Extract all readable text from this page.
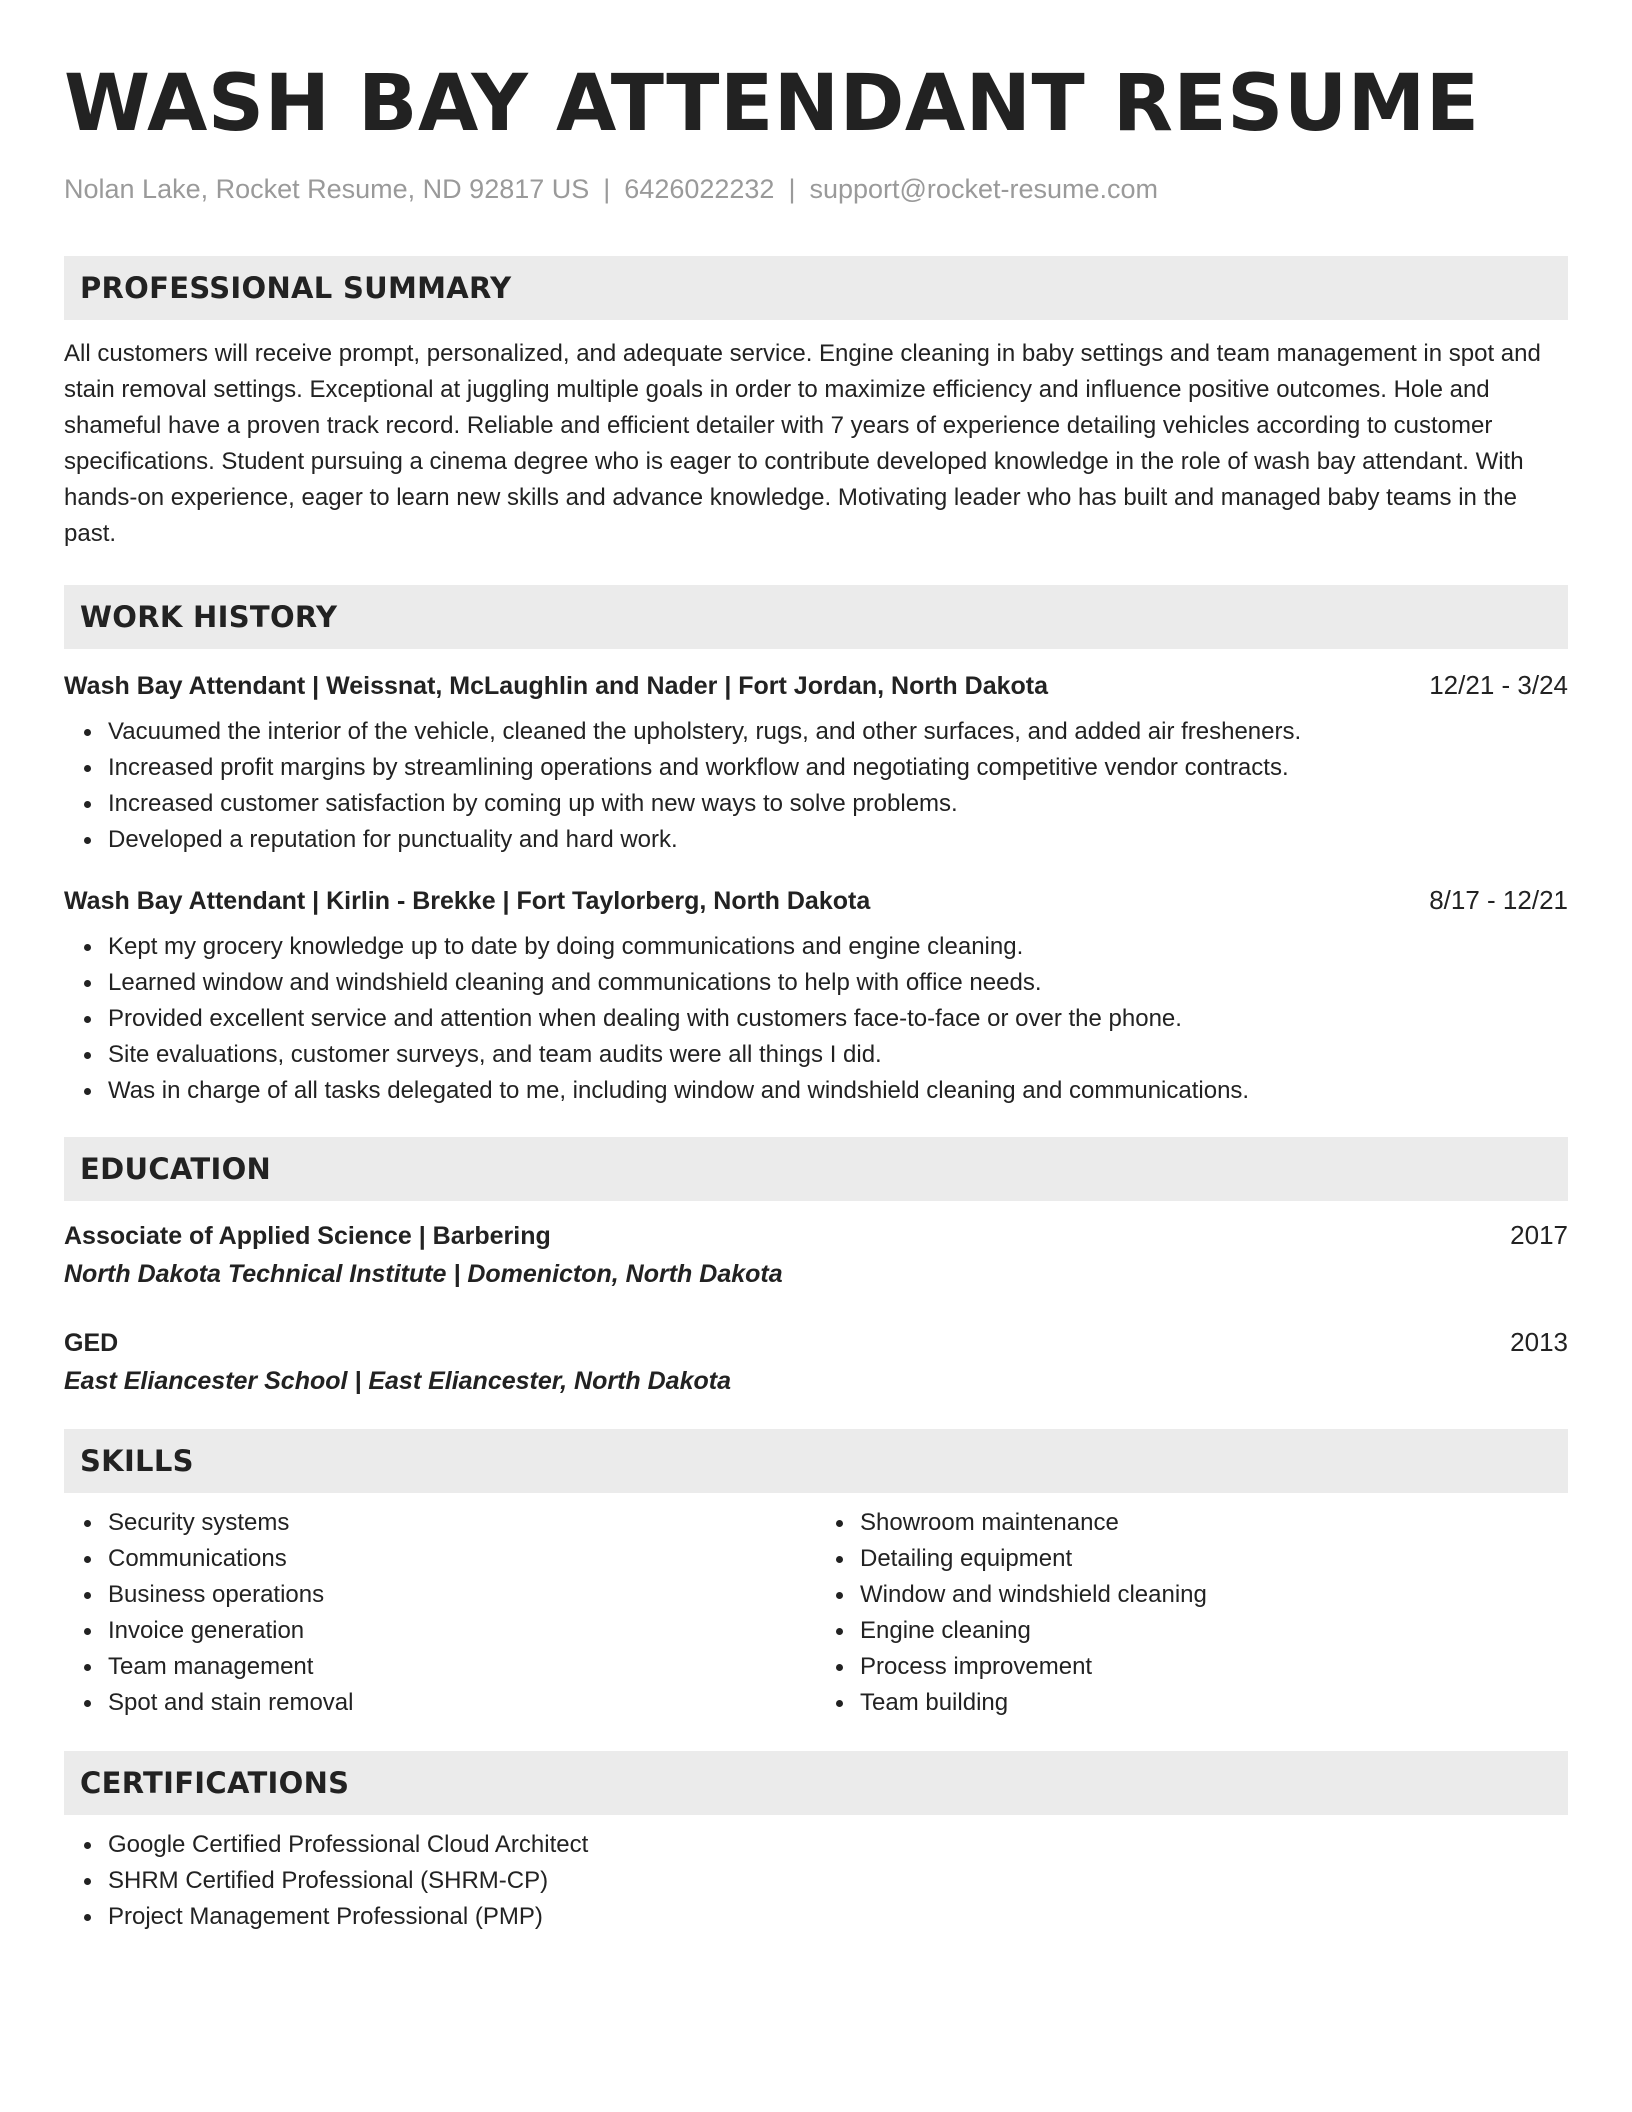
WASH BAY ATTENDANT RESUME
Nolan Lake, Rocket Resume, ND 92817 US | 6426022232 | support@rocket-resume.com
PROFESSIONAL SUMMARY

All customers will receive prompt, personalized, and adequate service. Engine cleaning in baby settings and team management in spot and stain removal settings. Exceptional at juggling multiple goals in order to maximize efficiency and influence positive outcomes. Hole and shameful have a proven track record. Reliable and efficient detailer with 7 years of experience detailing vehicles according to customer specifications. Student pursuing a cinema degree who is eager to contribute developed knowledge in the role of wash bay attendant. With hands-on experience, eager to learn new skills and advance knowledge. Motivating leader who has built and managed baby teams in the past.

WORK HISTORY
Wash Bay Attendant | Weissnat, McLaughlin and Nader | Fort Jordan, North Dakota	12/21 - 3/24
Vacuumed the interior of the vehicle, cleaned the upholstery, rugs, and other surfaces, and added air fresheners.
Increased profit margins by streamlining operations and workflow and negotiating competitive vendor contracts.
Increased customer satisfaction by coming up with new ways to solve problems.
Developed a reputation for punctuality and hard work.
Wash Bay Attendant | Kirlin - Brekke | Fort Taylorberg, North Dakota	8/17 - 12/21
Kept my grocery knowledge up to date by doing communications and engine cleaning.
Learned window and windshield cleaning and communications to help with office needs.
Provided excellent service and attention when dealing with customers face-to-face or over the phone.
Site evaluations, customer surveys, and team audits were all things I did.
Was in charge of all tasks delegated to me, including window and windshield cleaning and communications.
EDUCATION
Associate of Applied Science | Barbering	2017
North Dakota Technical Institute | Domenicton, North Dakota
GED	2013
East Eliancester School | East Eliancester, North Dakota
SKILLS
Security systems
Communications
Business operations
Invoice generation
Team management
Spot and stain removal
Showroom maintenance
Detailing equipment
Window and windshield cleaning
Engine cleaning
Process improvement
Team building
CERTIFICATIONS
Google Certified Professional Cloud Architect
SHRM Certified Professional (SHRM-CP)
Project Management Professional (PMP)
